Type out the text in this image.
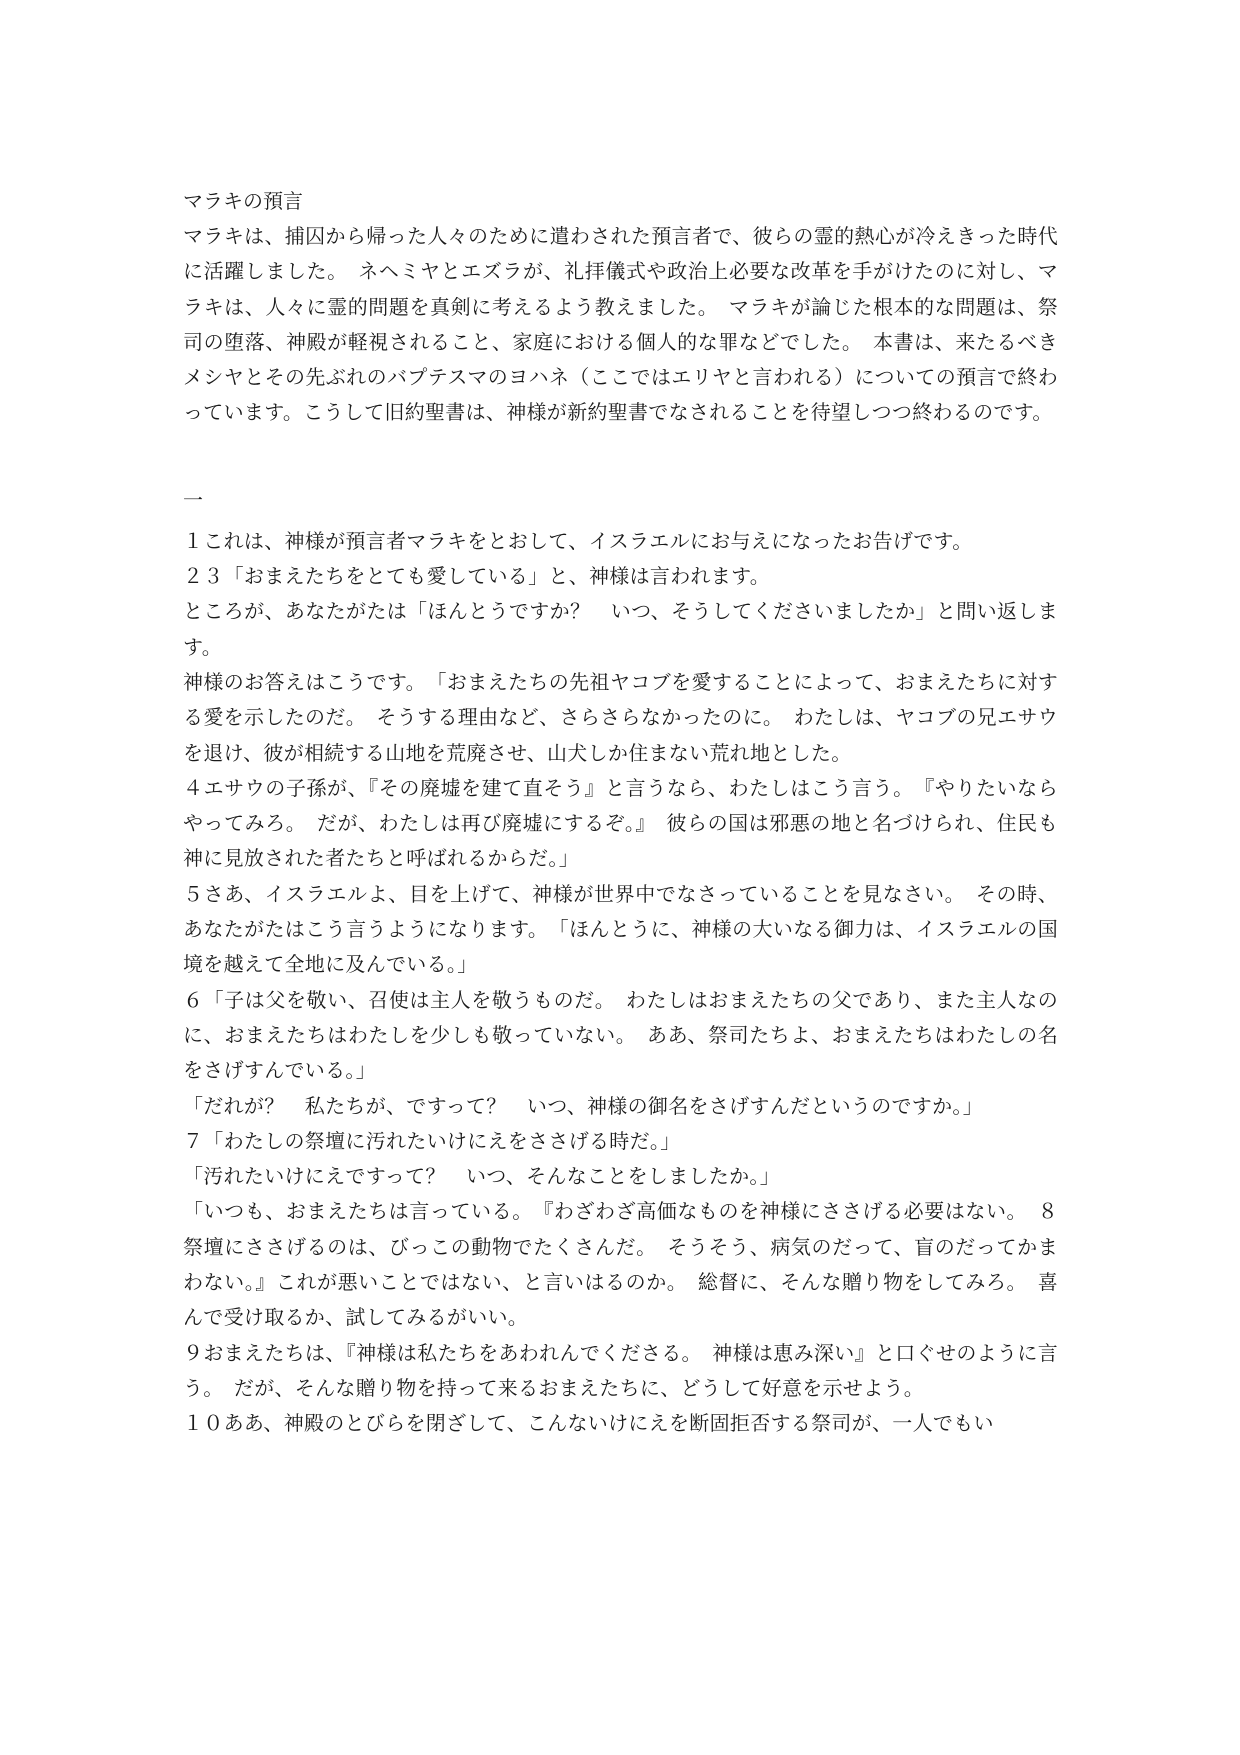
マラキの預言

マラキは、捕囚から帰った人々のために遣わされた預言者で、彼らの霊的熱心が冷えきった時代に活躍しました。　ネヘミヤとエズラが、礼拝儀式や政治上必要な改革を手がけたのに対し、マラキは、人々に霊的問題を真剣に考えるよう教えました。　マラキが論じた根本的な問題は、祭司の堕落、神殿が軽視されること、家庭における個人的な罪などでした。　本書は、来たるべきメシヤとその先ぶれのバプテスマのヨハネ（ここではエリヤと言われる）についての預言で終わっています。こうして旧約聖書は、神様が新約聖書でなされることを待望しつつ終わるのです。

一

１これは、神様が預言者マラキをとおして、イスラエルにお与えになったお告げです。

２３「おまえたちをとても愛している」と、神様は言われます。

ところが、あなたがたは「ほんとうですか？　いつ、そうしてくださいましたか」と問い返します。

神様のお答えはこうです。　「おまえたちの先祖ヤコブを愛することによって、おまえたちに対する愛を示したのだ。　そうする理由など、さらさらなかったのに。　わたしは、ヤコブの兄エサウを退け、彼が相続する山地を荒廃させ、山犬しか住まない荒れ地とした。

４エサウの子孫が、『その廃墟を建て直そう』と言うなら、わたしはこう言う。　『やりたいならやってみろ。　だが、わたしは再び廃墟にするぞ。』　彼らの国は邪悪の地と名づけられ、住民も神に見放された者たちと呼ばれるからだ。」

５さあ、イスラエルよ、目を上げて、神様が世界中でなさっていることを見なさい。　その時、あなたがたはこう言うようになります。　「ほんとうに、神様の大いなる御力は、イスラエルの国境を越えて全地に及んでいる。」

６「子は父を敬い、召使は主人を敬うものだ。　わたしはおまえたちの父であり、また主人なのに、おまえたちはわたしを少しも敬っていない。　ああ、祭司たちよ、おまえたちはわたしの名をさげすんでいる。」

「だれが？　私たちが、ですって？　いつ、神様の御名をさげすんだというのですか。」

７「わたしの祭壇に汚れたいけにえをささげる時だ。」

「汚れたいけにえですって？　いつ、そんなことをしましたか。」

「いつも、おまえたちは言っている。　『わざわざ高価なものを神様にささげる必要はない。　８祭壇にささげるのは、びっこの動物でたくさんだ。　そうそう、病気のだって、盲のだってかまわない。』これが悪いことではない、と言いはるのか。　総督に、そんな贈り物をしてみろ。　喜んで受け取るか、試してみるがいい。

９おまえたちは、『神様は私たちをあわれんでくださる。　神様は恵み深い』と口ぐせのように言う。　だが、そんな贈り物を持って来るおまえたちに、どうして好意を示せよう。

１０ああ、神殿のとびらを閉ざして、こんないけにえを断固拒否する祭司が、一人でもい
